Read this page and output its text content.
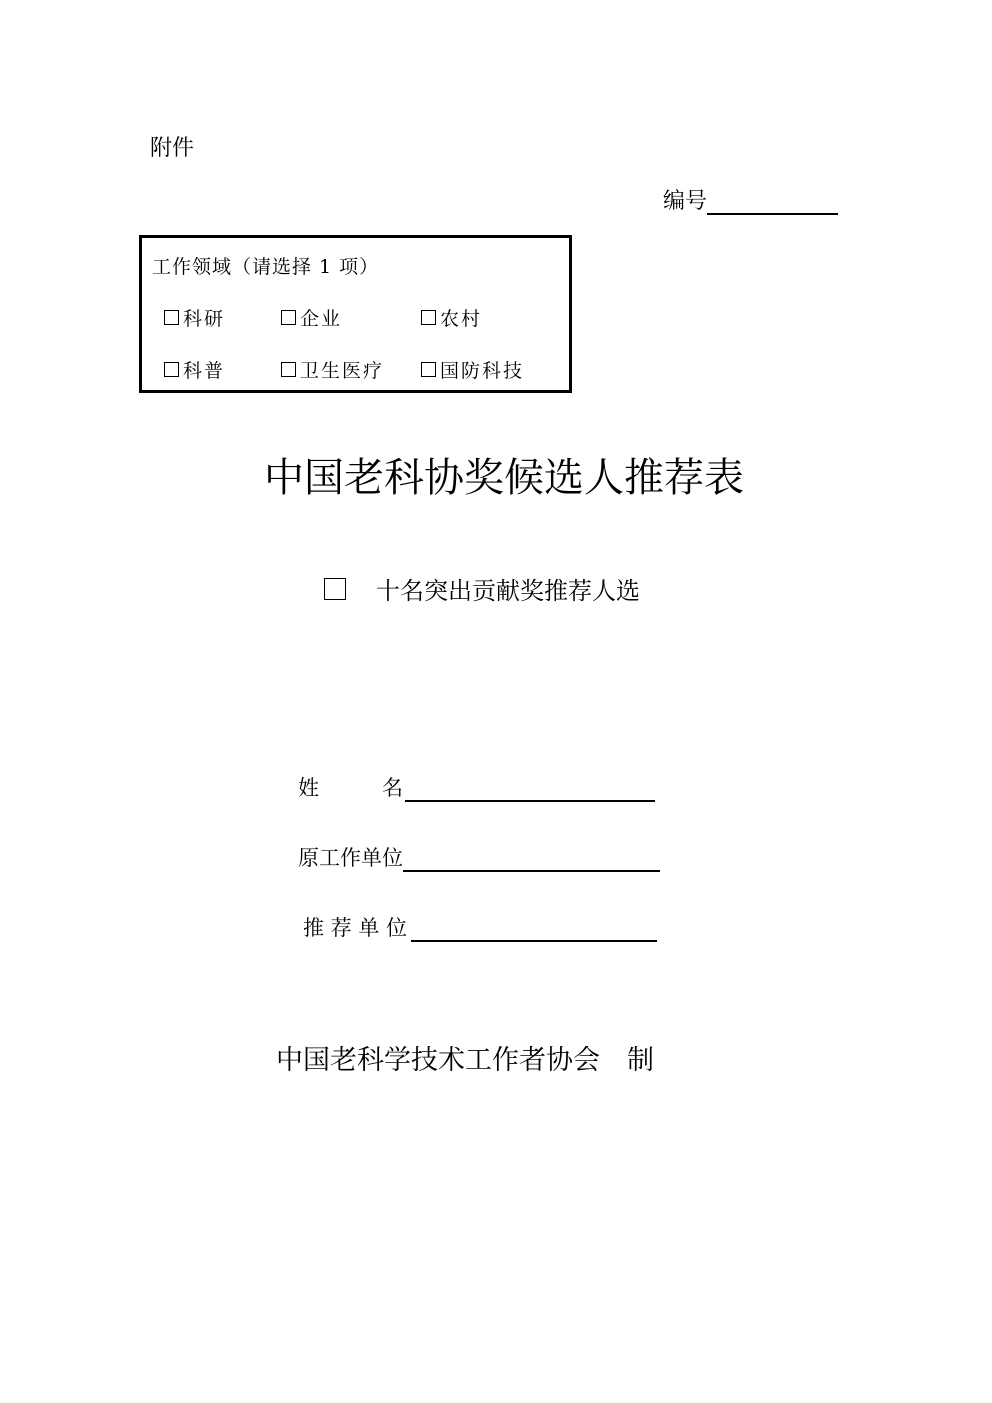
附件
编号
工作领域（请选择 1 项）
科研	企业	农村
科普	卫生医疗	国防科技
中国老科协奖候选人推荐表
十名突出贡献奖推荐人选
姓　　　名
原工作单位
推 荐 单 位
中国老科学技术工作者协会　制
